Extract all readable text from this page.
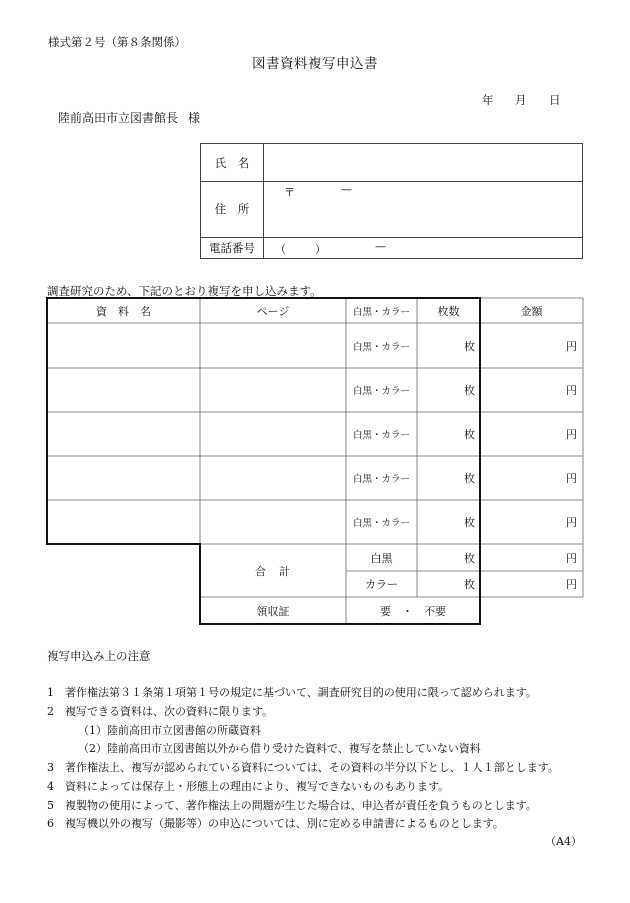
様式第２号（第８条関係）
図書資料複写申込書
年 月 日
陸前高田市立図書館長 様
氏　名
住　所
〒	—
電話番号	（	）	—
調査研究のため、下記のとおり複写を申し込みます。
資　料　名	ページ	白黒・カラー	枚数	金額
白黒・カラー	枚	円
白黒・カラー	枚	円
白黒・カラー	枚	円
白黒・カラー	枚	円
白黒・カラー	枚	円
合　計
白黒	枚	円
カラー	枚	円
領収証	要　・　不要
複写申込み上の注意
1　著作権法第３１条第１項第１号の規定に基づいて、調査研究目的の使用に限って認められます。
2　複写できる資料は、次の資料に限ります。
（1）陸前高田市立図書館の所蔵資料
（2）陸前高田市立図書館以外から借り受けた資料で、複写を禁止していない資料
3　著作権法上、複写が認められている資料については、その資料の半分以下とし、１人１部とします。
4　資料によっては保存上・形態上の理由により、複写できないものもあります。
5　複製物の使用によって、著作権法上の問題が生じた場合は、申込者が責任を負うものとします。
6　複写機以外の複写（撮影等）の申込については、別に定める申請書によるものとします。
（A4）
